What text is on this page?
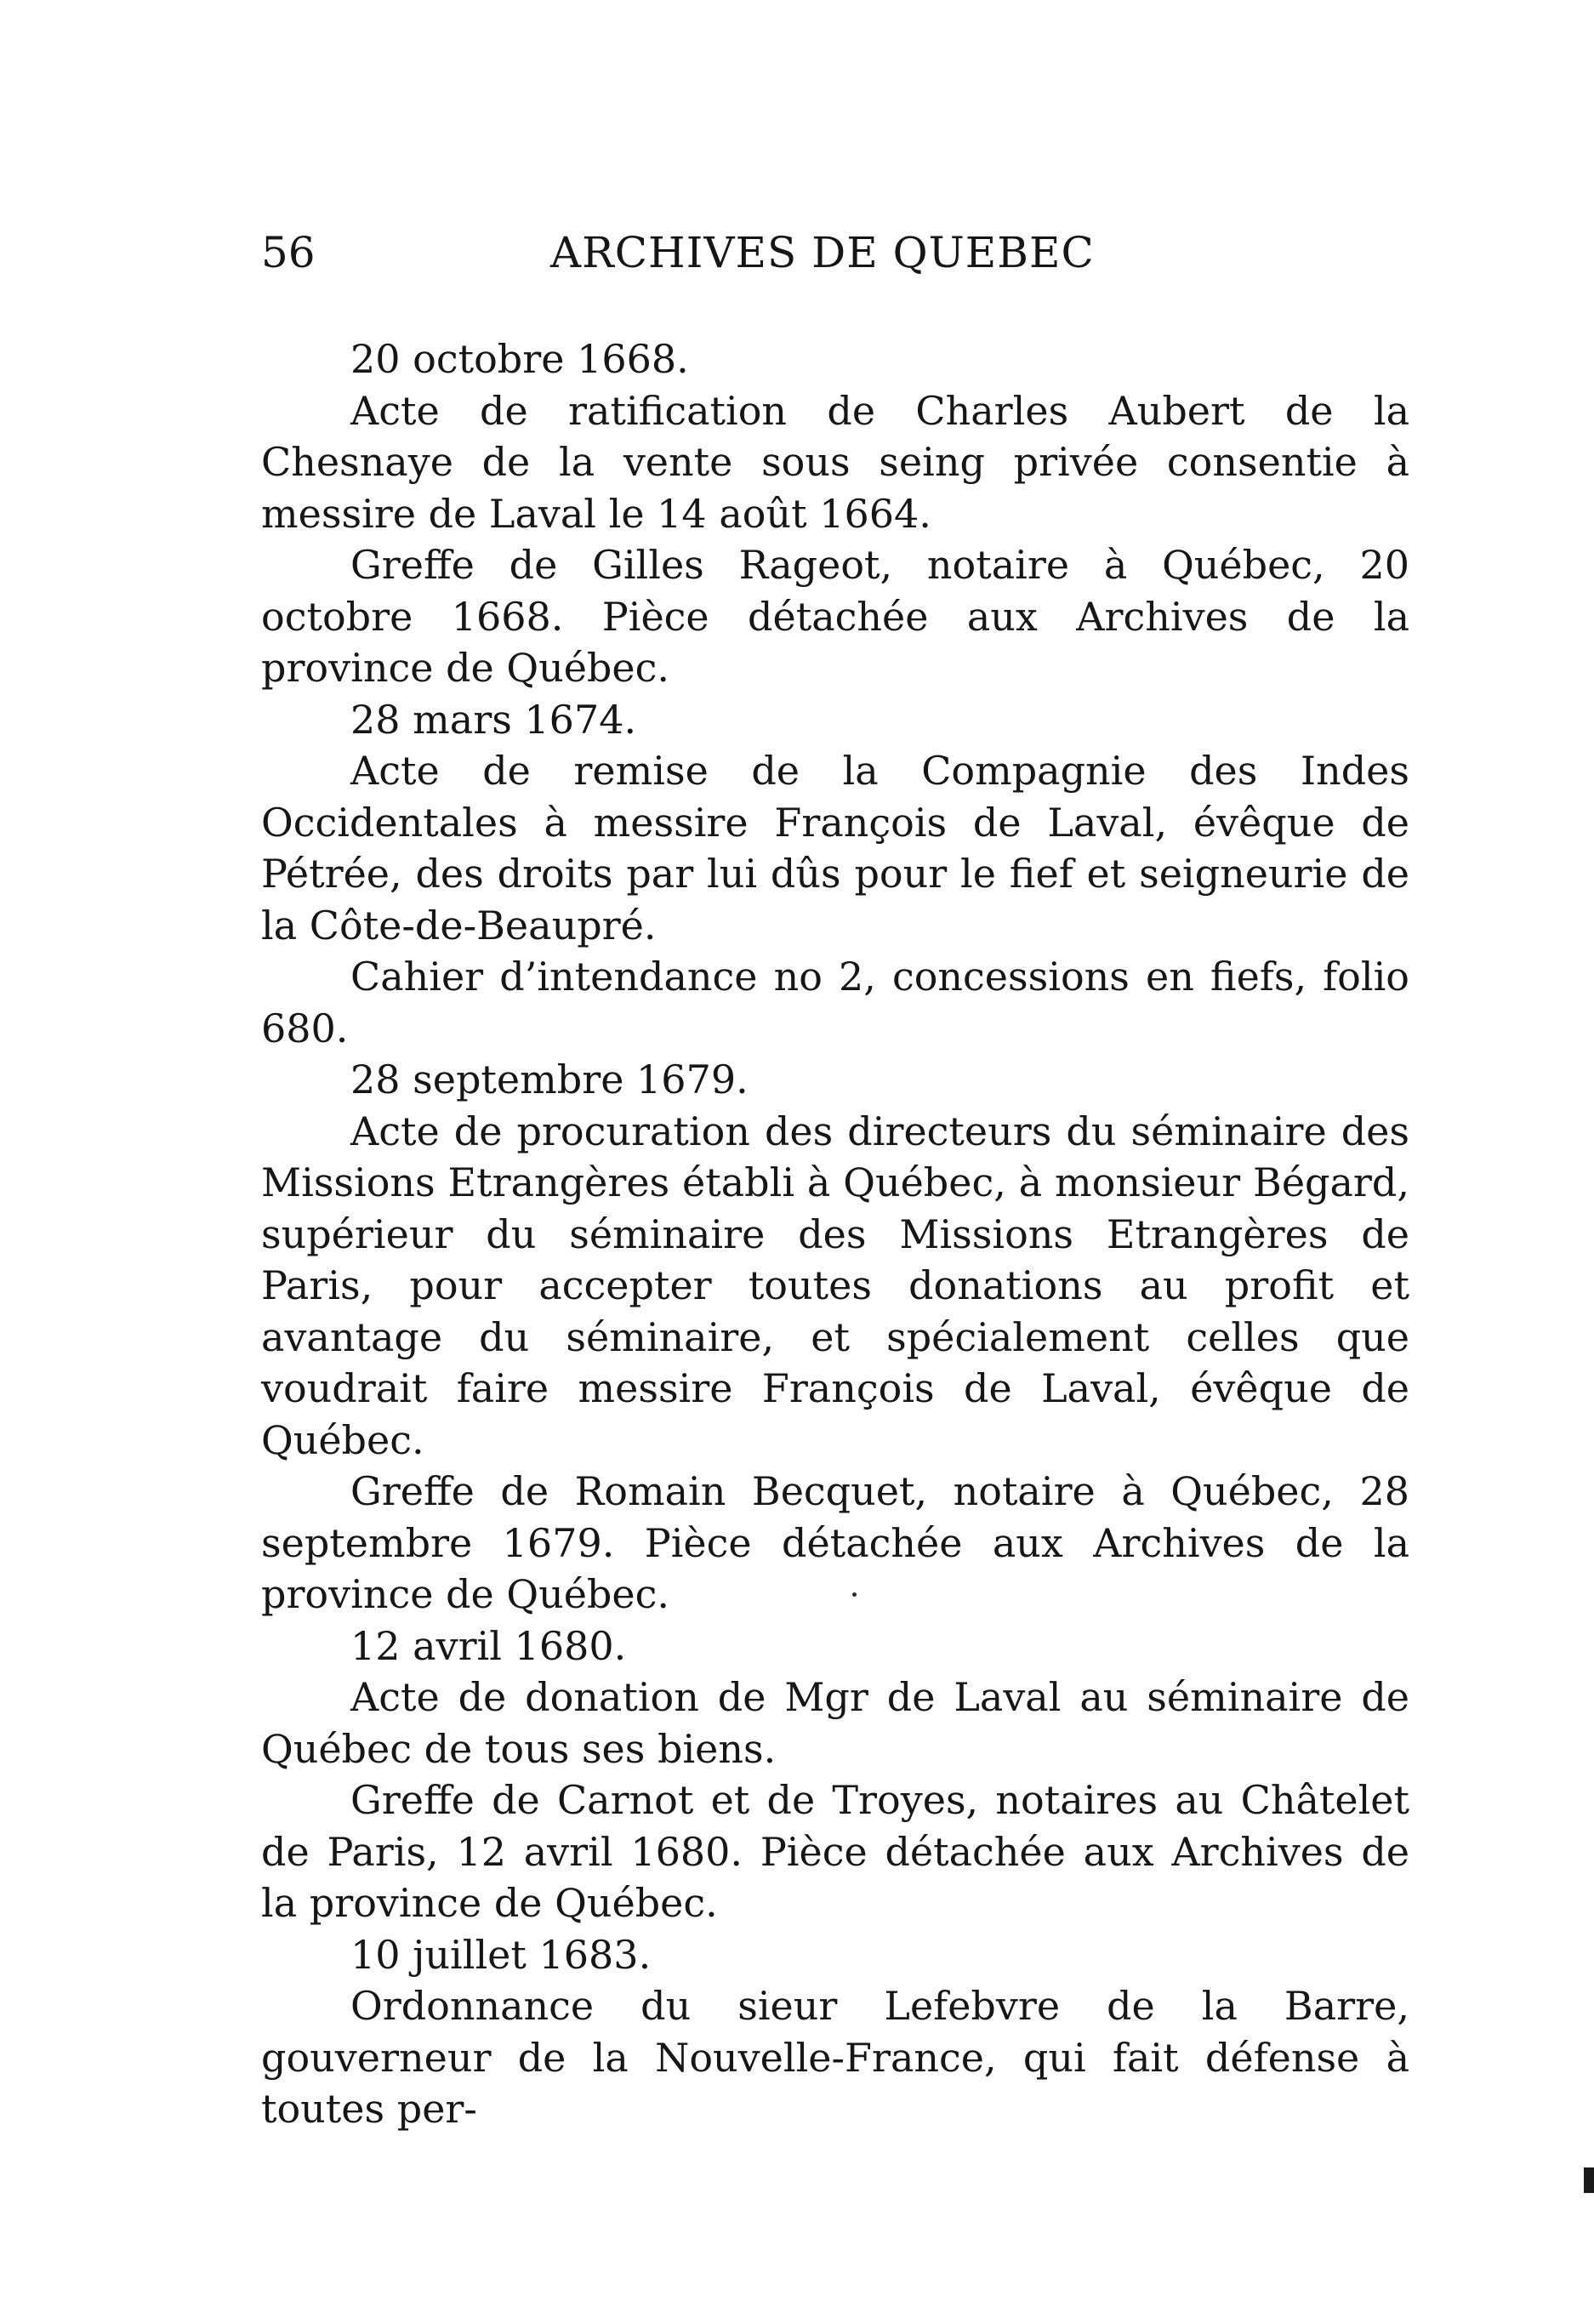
56	ARCHIVES DE QUEBEC

20 octobre 1668.

Acte de ratification de Charles Aubert de la Chesnaye de la vente sous seing privée consentie à messire de Laval le 14 août 1664.

Greffe de Gilles Rageot, notaire à Québec, 20 octobre 1668. Pièce détachée aux Archives de la province de Québec.

28 mars 1674.

Acte de remise de la Compagnie des Indes Occidentales à messire François de Laval, évêque de Pétrée, des droits par lui dûs pour le fief et seigneurie de la Côte-de-Beaupré.

Cahier d’intendance no 2, concessions en fiefs, folio 680.

28 septembre 1679.

Acte de procuration des directeurs du séminaire des Missions Etrangères établi à Québec, à monsieur Bégard, supérieur du séminaire des Missions Etrangères de Paris, pour accepter toutes donations au profit et avantage du séminaire, et spécialement celles que voudrait faire messire François de Laval, évêque de Québec.

Greffe de Romain Becquet, notaire à Québec, 28 septembre 1679. Pièce détachée aux Archives de la province de Québec.

12 avril 1680.

Acte de donation de Mgr de Laval au séminaire de Québec de tous ses biens.

Greffe de Carnot et de Troyes, notaires au Châtelet de Paris, 12 avril 1680. Pièce détachée aux Archives de la province de Québec.

10 juillet 1683.

Ordonnance du sieur Lefebvre de la Barre, gouverneur de la Nouvelle-France, qui fait défense à toutes per-
